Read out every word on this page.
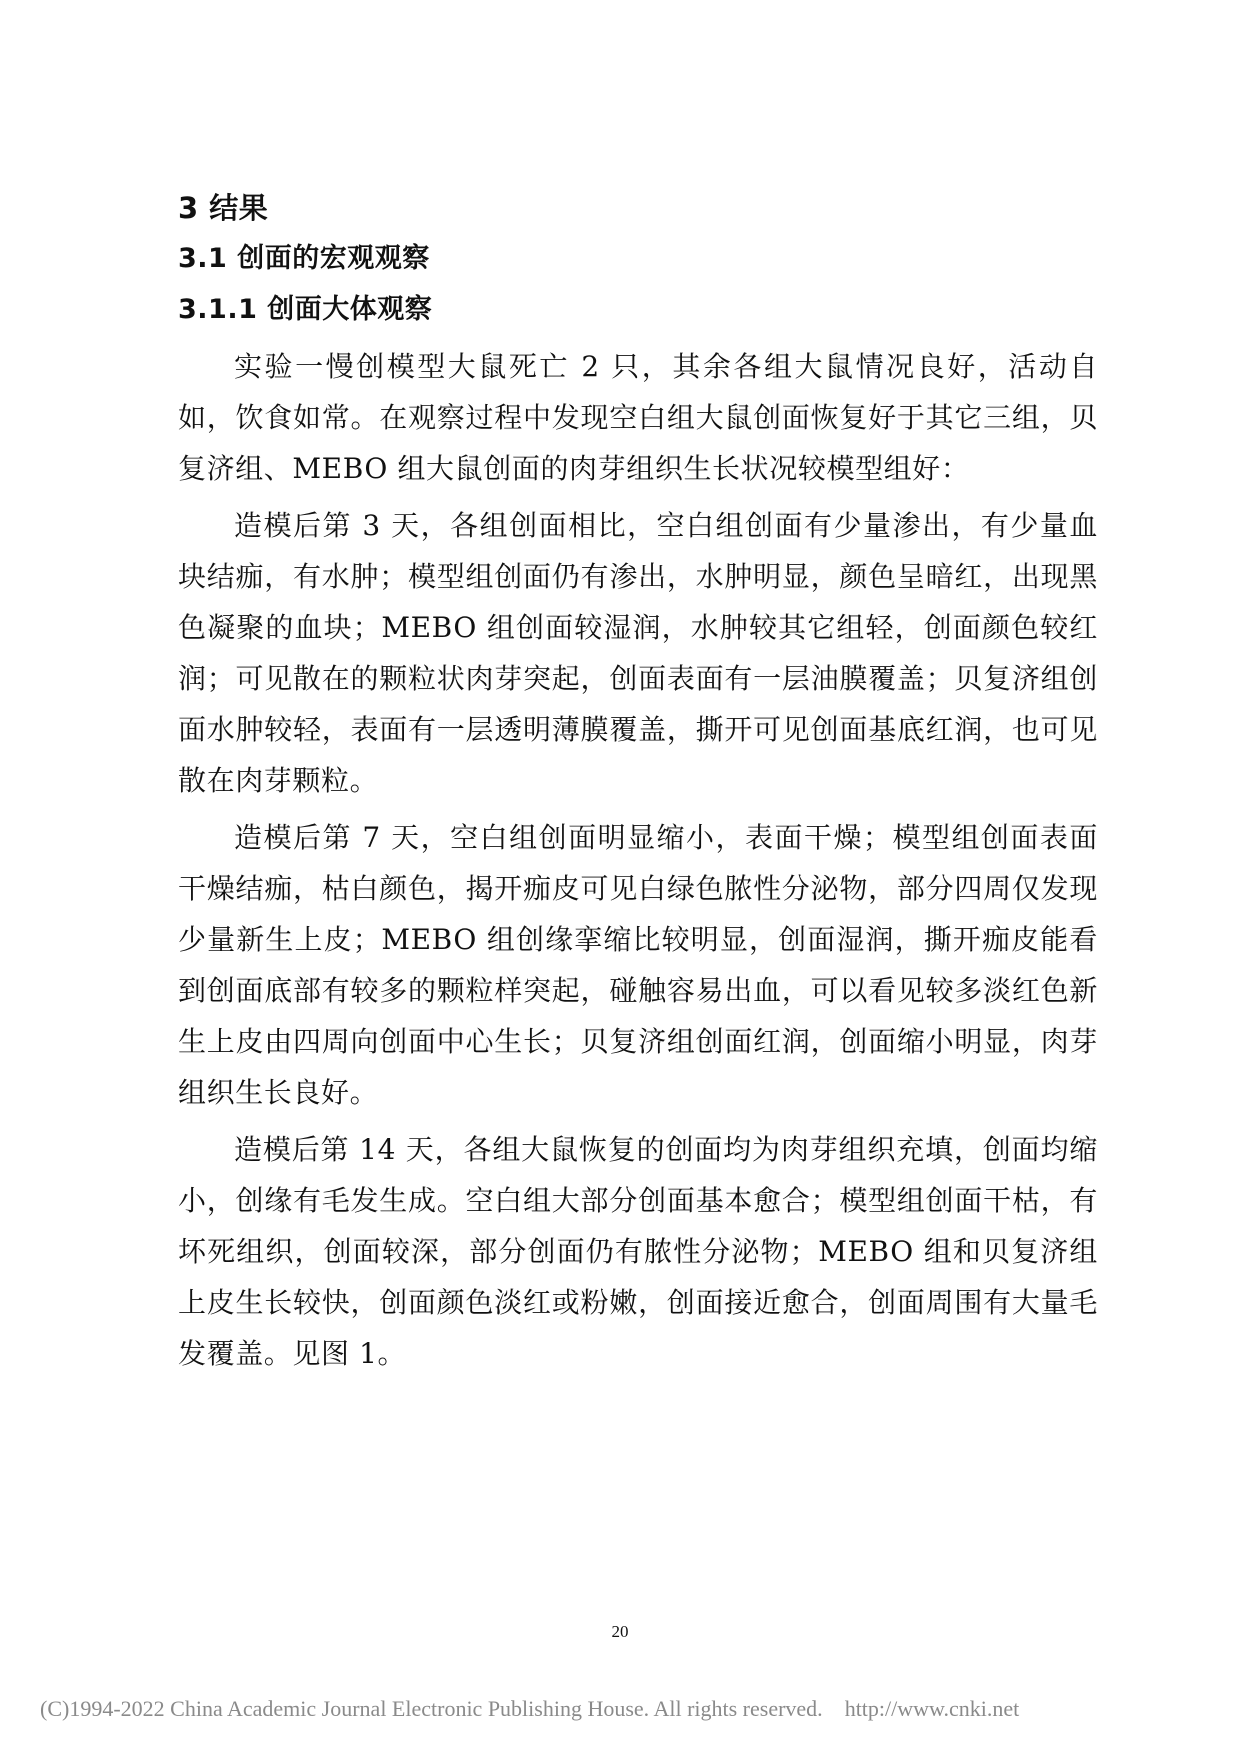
3 结果
3.1 创面的宏观观察
3.1.1 创面大体观察

实验一慢创模型大鼠死亡 2 只，其余各组大鼠情况良好，活动自如，饮食如常。在观察过程中发现空白组大鼠创面恢复好于其它三组，贝复济组、MEBO 组大鼠创面的肉芽组织生长状况较模型组好：

造模后第 3 天，各组创面相比，空白组创面有少量渗出，有少量血块结痂，有水肿；模型组创面仍有渗出，水肿明显，颜色呈暗红，出现黑色凝聚的血块；MEBO 组创面较湿润，水肿较其它组轻，创面颜色较红润；可见散在的颗粒状肉芽突起，创面表面有一层油膜覆盖；贝复济组创面水肿较轻，表面有一层透明薄膜覆盖，撕开可见创面基底红润，也可见散在肉芽颗粒。

造模后第 7 天，空白组创面明显缩小，表面干燥；模型组创面表面干燥结痂，枯白颜色，揭开痂皮可见白绿色脓性分泌物，部分四周仅发现少量新生上皮；MEBO 组创缘挛缩比较明显，创面湿润，撕开痂皮能看到创面底部有较多的颗粒样突起，碰触容易出血，可以看见较多淡红色新生上皮由四周向创面中心生长；贝复济组创面红润，创面缩小明显，肉芽组织生长良好。

造模后第 14 天，各组大鼠恢复的创面均为肉芽组织充填，创面均缩小，创缘有毛发生成。空白组大部分创面基本愈合；模型组创面干枯，有坏死组织，创面较深，部分创面仍有脓性分泌物；MEBO 组和贝复济组上皮生长较快，创面颜色淡红或粉嫩，创面接近愈合，创面周围有大量毛发覆盖。见图 1。

20
(C)1994-2022 China Academic Journal Electronic Publishing House. All rights reserved. http://www.cnki.net
